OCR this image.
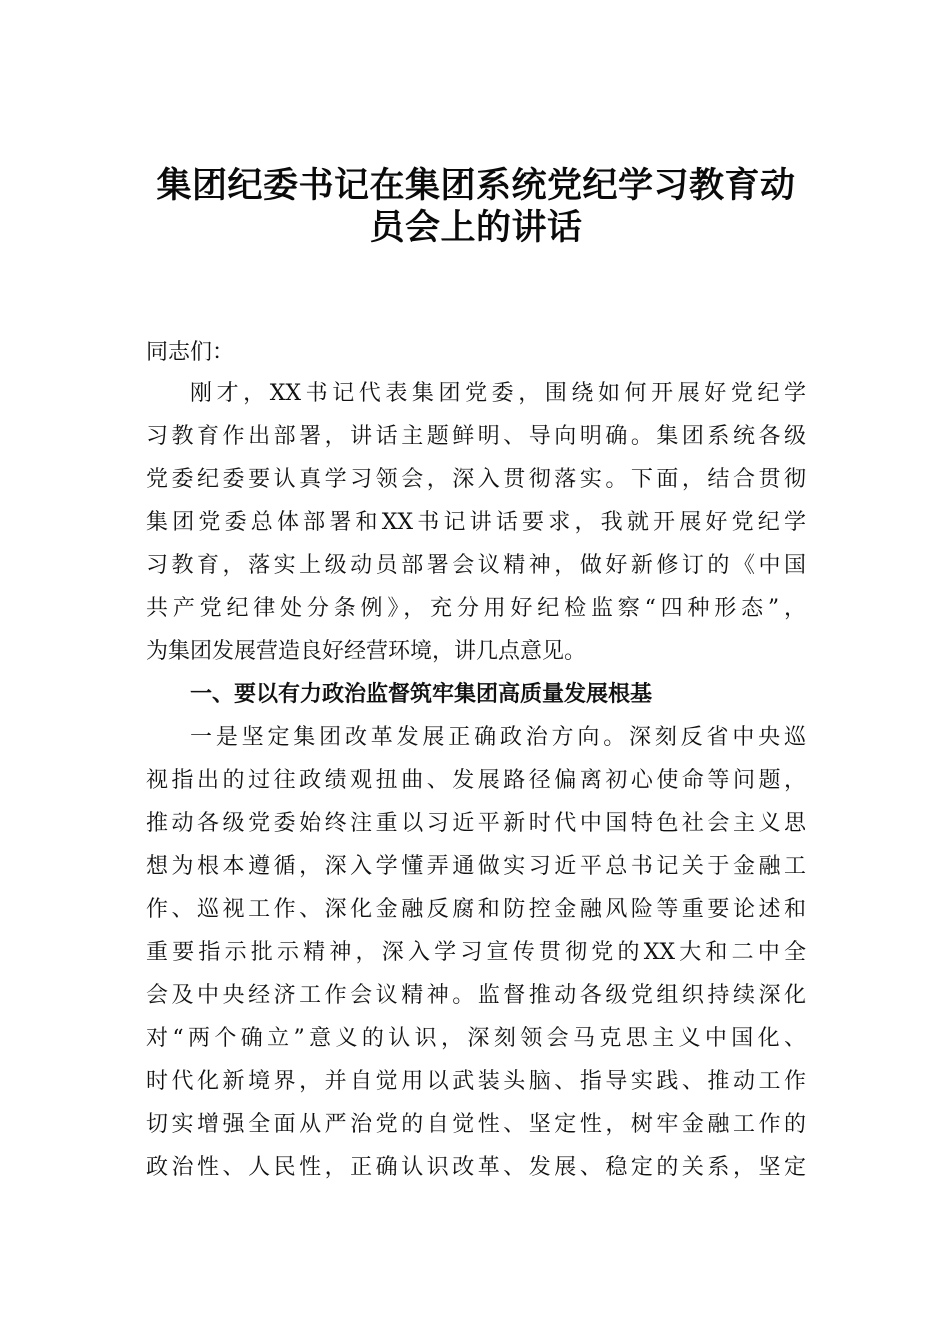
集团纪委书记在集团系统党纪学习教育动
员会上的讲话
同志们：
刚才，XX书记代表集团党委，围绕如何开展好党纪学
习教育作出部署，讲话主题鲜明、导向明确。集团系统各级
党委纪委要认真学习领会，深入贯彻落实。下面，结合贯彻
集团党委总体部署和XX书记讲话要求，我就开展好党纪学
习教育，落实上级动员部署会议精神，做好新修订的《中国
共产党纪律处分条例》，充分用好纪检监察“四种形态”，
为集团发展营造良好经营环境，讲几点意见。
一、要以有力政治监督筑牢集团高质量发展根基
一是坚定集团改革发展正确政治方向。深刻反省中央巡
视指出的过往政绩观扭曲、发展路径偏离初心使命等问题，
推动各级党委始终注重以习近平新时代中国特色社会主义思
想为根本遵循，深入学懂弄通做实习近平总书记关于金融工
作、巡视工作、深化金融反腐和防控金融风险等重要论述和
重要指示批示精神，深入学习宣传贯彻党的XX大和二中全
会及中央经济工作会议精神。监督推动各级党组织持续深化
对“两个确立”意义的认识，深刻领会马克思主义中国化、
时代化新境界，并自觉用以武装头脑、指导实践、推动工作
切实增强全面从严治党的自觉性、坚定性，树牢金融工作的
政治性、人民性，正确认识改革、发展、稳定的关系，坚定
